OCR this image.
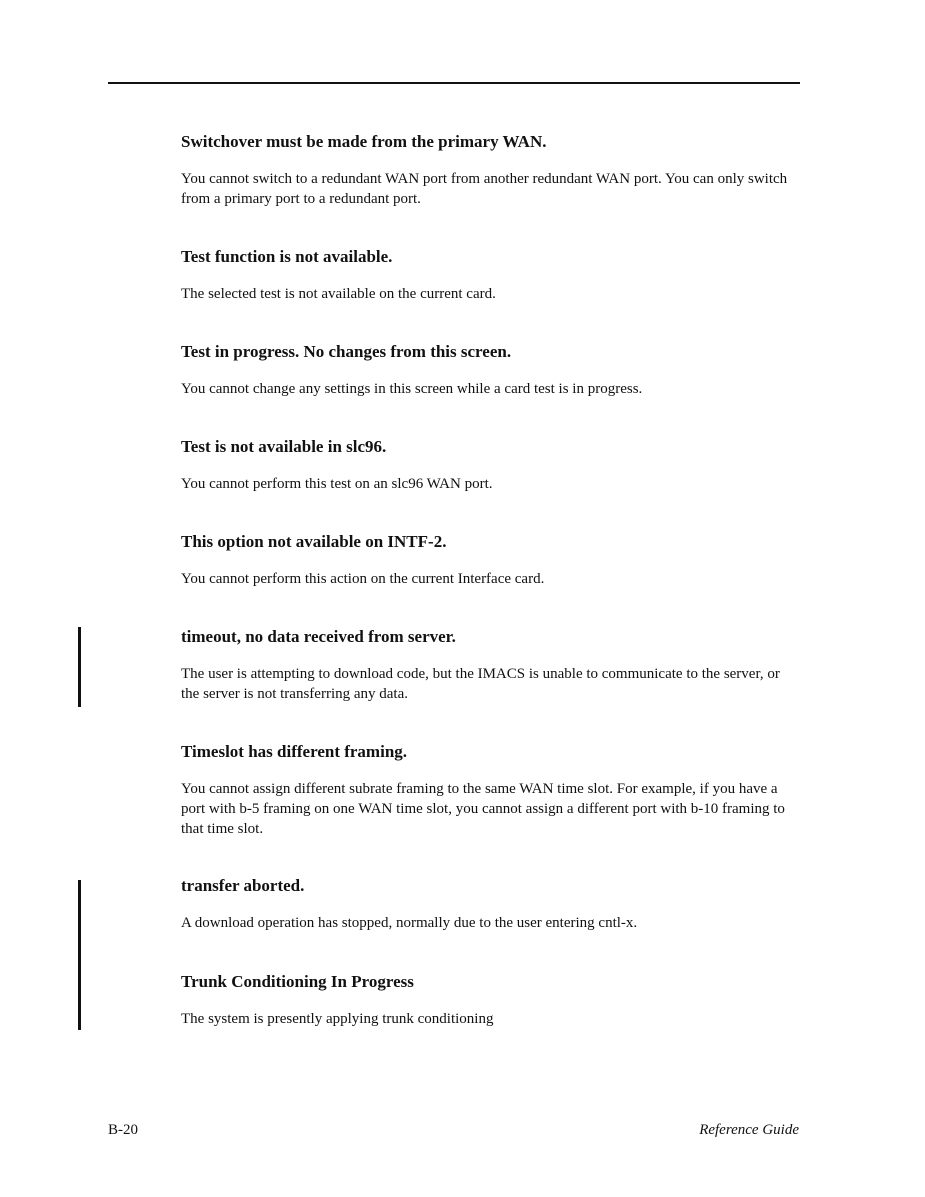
Switchover must be made from the primary WAN.

You cannot switch to a redundant WAN port from another redundant WAN port. You can only switch from a primary port to a redundant port.

Test function is not available.

The selected test is not available on the current card.

Test in progress. No changes from this screen.

You cannot change any settings in this screen while a card test is in progress.

Test is not available in slc96.

You cannot perform this test on an slc96 WAN port.

This option not available on INTF-2.

You cannot perform this action on the current Interface card.

timeout, no data received from server.

The user is attempting to download code, but the IMACS is unable to communicate to the server, or the server is not transferring any data.

Timeslot has different framing.

You cannot assign different subrate framing to the same WAN time slot. For example, if you have a port with b-5 framing on one WAN time slot, you cannot assign a different port with b-10 framing to that time slot.

transfer aborted.

A download operation has stopped, normally due to the user entering cntl-x.

Trunk Conditioning In Progress

The system is presently applying trunk conditioning

B-20	Reference Guide
